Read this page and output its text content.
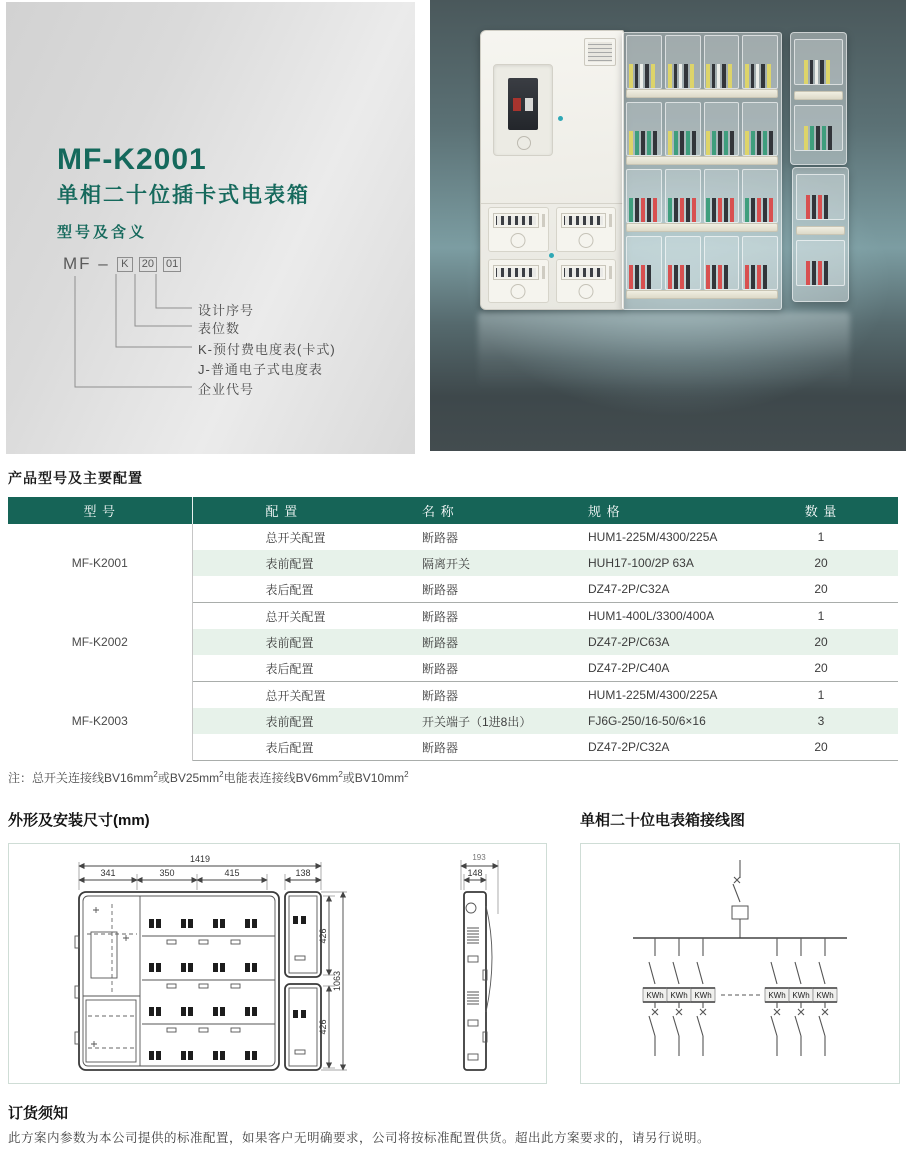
MF-K2001
单相二十位插卡式电表箱
型号及含义
MF –	K	20 01
设计序号
表位数
K-预付费电度表(卡式)
J-普通电子式电度表
企业代号
产品型号及主要配置
型 号	配 置	名 称	规 格	数 量
MF-K2001	总开关配置	断路器	HUM1-225M/4300/225A	1
	表前配置	隔离开关	HUH17-100/2P 63A	20
	表后配置	断路器	DZ47-2P/C32A	20
MF-K2002	总开关配置	断路器	HUM1-400L/3300/400A	1
	表前配置	断路器	DZ47-2P/C63A	20
	表后配置	断路器	DZ47-2P/C40A	20
MF-K2003	总开关配置	断路器	HUM1-225M/4300/225A	1
	表前配置	开关端子（1进8出）	FJ6G-250/16-50/6×16	3
	表后配置	断路器	DZ47-2P/C32A	20
注：总开关连接线$BV16mm^2$或$BV25mm^2$电能表连接线$BV6mm^2$或$BV10mm^2$
外形及安装尺寸(mm)
1419
341	350	415	138
426
426
1063
193
148
单相二十位电表箱接线图
KWh KWh KWh	KWh KWh KWh
订货须知
此方案内参数为本公司提供的标准配置，如果客户无明确要求，公司将按标准配置供货。超出此方案要求的，请另行说明。
